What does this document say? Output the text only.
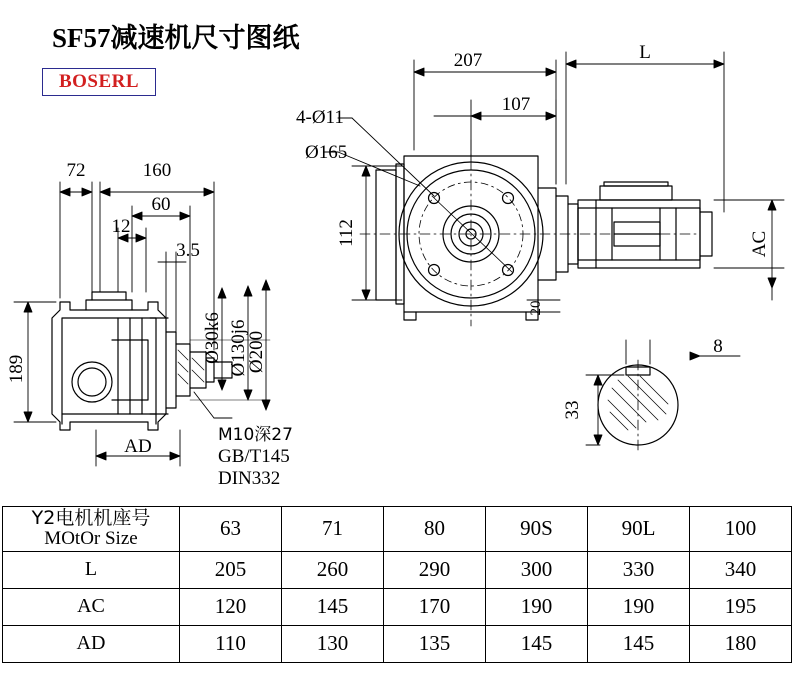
SF57减速机尺寸图纸
BOSERL
207	L
107
4-Ø11
Ø165
112
20
AC
72	160
60
12
3.5
189
AD
Ø30k6 Ø130j6
Ø200	8
33
M10深27
GB/T145
DIN332
Y2电机机座号
MOtOr Size	63	71	80	90S	90L	100
L	205	260	290	300	330	340
AC	120	145	170	190	190	195
AD	110	130	135	145	145	180
